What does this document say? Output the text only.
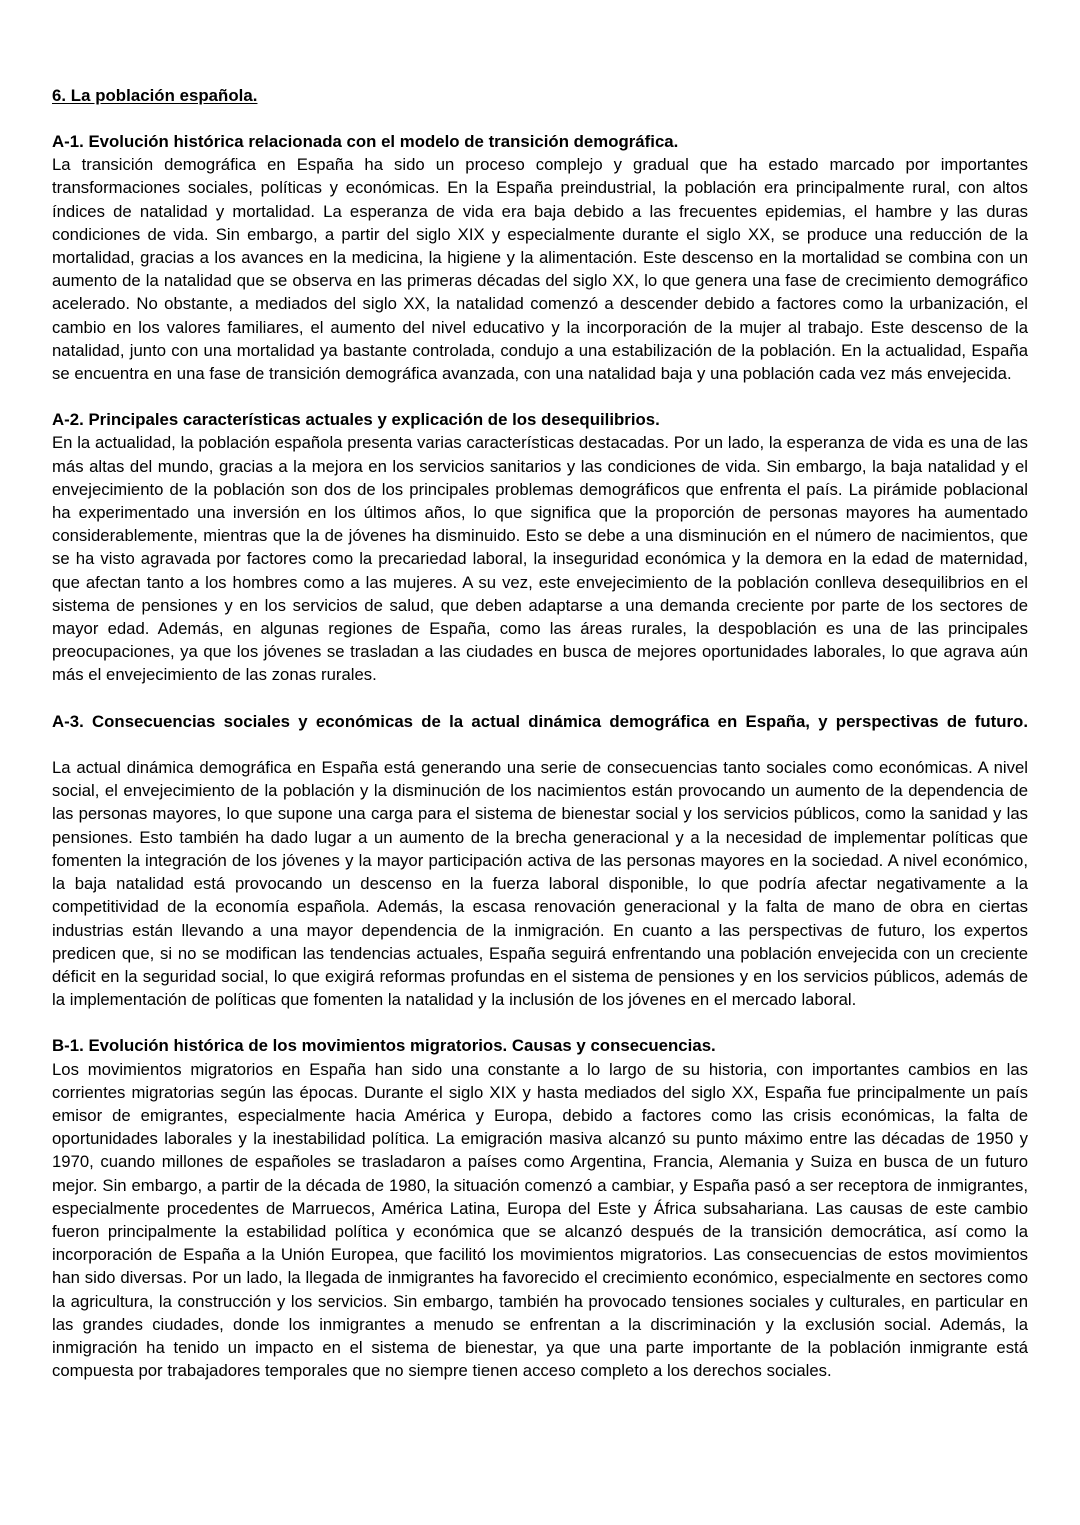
6. La población española.

A-1. Evolución histórica relacionada con el modelo de transición demográfica.

La transición demográfica en España ha sido un proceso complejo y gradual que ha estado marcado por importantes transformaciones sociales, políticas y económicas. En la España preindustrial, la población era principalmente rural, con altos índices de natalidad y mortalidad. La esperanza de vida era baja debido a las frecuentes epidemias, el hambre y las duras condiciones de vida. Sin embargo, a partir del siglo XIX y especialmente durante el siglo XX, se produce una reducción de la mortalidad, gracias a los avances en la medicina, la higiene y la alimentación. Este descenso en la mortalidad se combina con un aumento de la natalidad que se observa en las primeras décadas del siglo XX, lo que genera una fase de crecimiento demográfico acelerado. No obstante, a mediados del siglo XX, la natalidad comenzó a descender debido a factores como la urbanización, el cambio en los valores familiares, el aumento del nivel educativo y la incorporación de la mujer al trabajo. Este descenso de la natalidad, junto con una mortalidad ya bastante controlada, condujo a una estabilización de la población. En la actualidad, España se encuentra en una fase de transición demográfica avanzada, con una natalidad baja y una población cada vez más envejecida.

A-2. Principales características actuales y explicación de los desequilibrios.

En la actualidad, la población española presenta varias características destacadas. Por un lado, la esperanza de vida es una de las más altas del mundo, gracias a la mejora en los servicios sanitarios y las condiciones de vida. Sin embargo, la baja natalidad y el envejecimiento de la población son dos de los principales problemas demográficos que enfrenta el país. La pirámide poblacional ha experimentado una inversión en los últimos años, lo que significa que la proporción de personas mayores ha aumentado considerablemente, mientras que la de jóvenes ha disminuido. Esto se debe a una disminución en el número de nacimientos, que se ha visto agravada por factores como la precariedad laboral, la inseguridad económica y la demora en la edad de maternidad, que afectan tanto a los hombres como a las mujeres. A su vez, este envejecimiento de la población conlleva desequilibrios en el sistema de pensiones y en los servicios de salud, que deben adaptarse a una demanda creciente por parte de los sectores de mayor edad. Además, en algunas regiones de España, como las áreas rurales, la despoblación es una de las principales preocupaciones, ya que los jóvenes se trasladan a las ciudades en busca de mejores oportunidades laborales, lo que agrava aún más el envejecimiento de las zonas rurales.

A-3. Consecuencias sociales y económicas de la actual dinámica demográfica en España, y perspectivas de futuro.

La actual dinámica demográfica en España está generando una serie de consecuencias tanto sociales como económicas. A nivel social, el envejecimiento de la población y la disminución de los nacimientos están provocando un aumento de la dependencia de las personas mayores, lo que supone una carga para el sistema de bienestar social y los servicios públicos, como la sanidad y las pensiones. Esto también ha dado lugar a un aumento de la brecha generacional y a la necesidad de implementar políticas que fomenten la integración de los jóvenes y la mayor participación activa de las personas mayores en la sociedad. A nivel económico, la baja natalidad está provocando un descenso en la fuerza laboral disponible, lo que podría afectar negativamente a la competitividad de la economía española. Además, la escasa renovación generacional y la falta de mano de obra en ciertas industrias están llevando a una mayor dependencia de la inmigración. En cuanto a las perspectivas de futuro, los expertos predicen que, si no se modifican las tendencias actuales, España seguirá enfrentando una población envejecida con un creciente déficit en la seguridad social, lo que exigirá reformas profundas en el sistema de pensiones y en los servicios públicos, además de la implementación de políticas que fomenten la natalidad y la inclusión de los jóvenes en el mercado laboral.

B-1. Evolución histórica de los movimientos migratorios. Causas y consecuencias.

Los movimientos migratorios en España han sido una constante a lo largo de su historia, con importantes cambios en las corrientes migratorias según las épocas. Durante el siglo XIX y hasta mediados del siglo XX, España fue principalmente un país emisor de emigrantes, especialmente hacia América y Europa, debido a factores como las crisis económicas, la falta de oportunidades laborales y la inestabilidad política. La emigración masiva alcanzó su punto máximo entre las décadas de 1950 y 1970, cuando millones de españoles se trasladaron a países como Argentina, Francia, Alemania y Suiza en busca de un futuro mejor. Sin embargo, a partir de la década de 1980, la situación comenzó a cambiar, y España pasó a ser receptora de inmigrantes, especialmente procedentes de Marruecos, América Latina, Europa del Este y África subsahariana. Las causas de este cambio fueron principalmente la estabilidad política y económica que se alcanzó después de la transición democrática, así como la incorporación de España a la Unión Europea, que facilitó los movimientos migratorios. Las consecuencias de estos movimientos han sido diversas. Por un lado, la llegada de inmigrantes ha favorecido el crecimiento económico, especialmente en sectores como la agricultura, la construcción y los servicios. Sin embargo, también ha provocado tensiones sociales y culturales, en particular en las grandes ciudades, donde los inmigrantes a menudo se enfrentan a la discriminación y la exclusión social. Además, la inmigración ha tenido un impacto en el sistema de bienestar, ya que una parte importante de la población inmigrante está compuesta por trabajadores temporales que no siempre tienen acceso completo a los derechos sociales.
